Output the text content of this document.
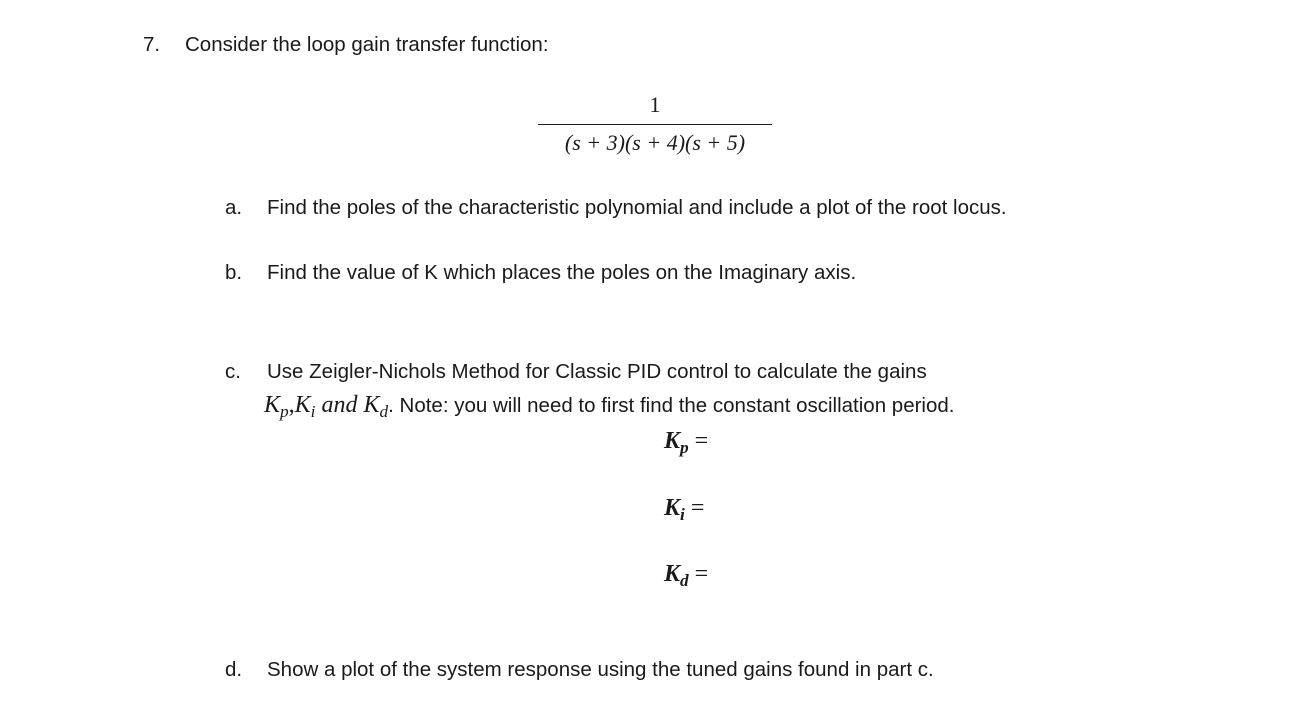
7. Consider the loop gain transfer function:
1
(s + 3)(s + 4)(s + 5)
a.	Find the poles of the characteristic polynomial and include a plot of the root locus.
b.	Find the value of K which places the poles on the Imaginary axis.
c.	Use Zeigler-Nichols Method for Classic PID control to calculate the gains
$K_p,K_i$ and $K_d$. Note: you will need to first find the constant oscillation period.
$K_p$ =
$K_i$ =
$K_d$ =
d.	Show a plot of the system response using the tuned gains found in part c.
